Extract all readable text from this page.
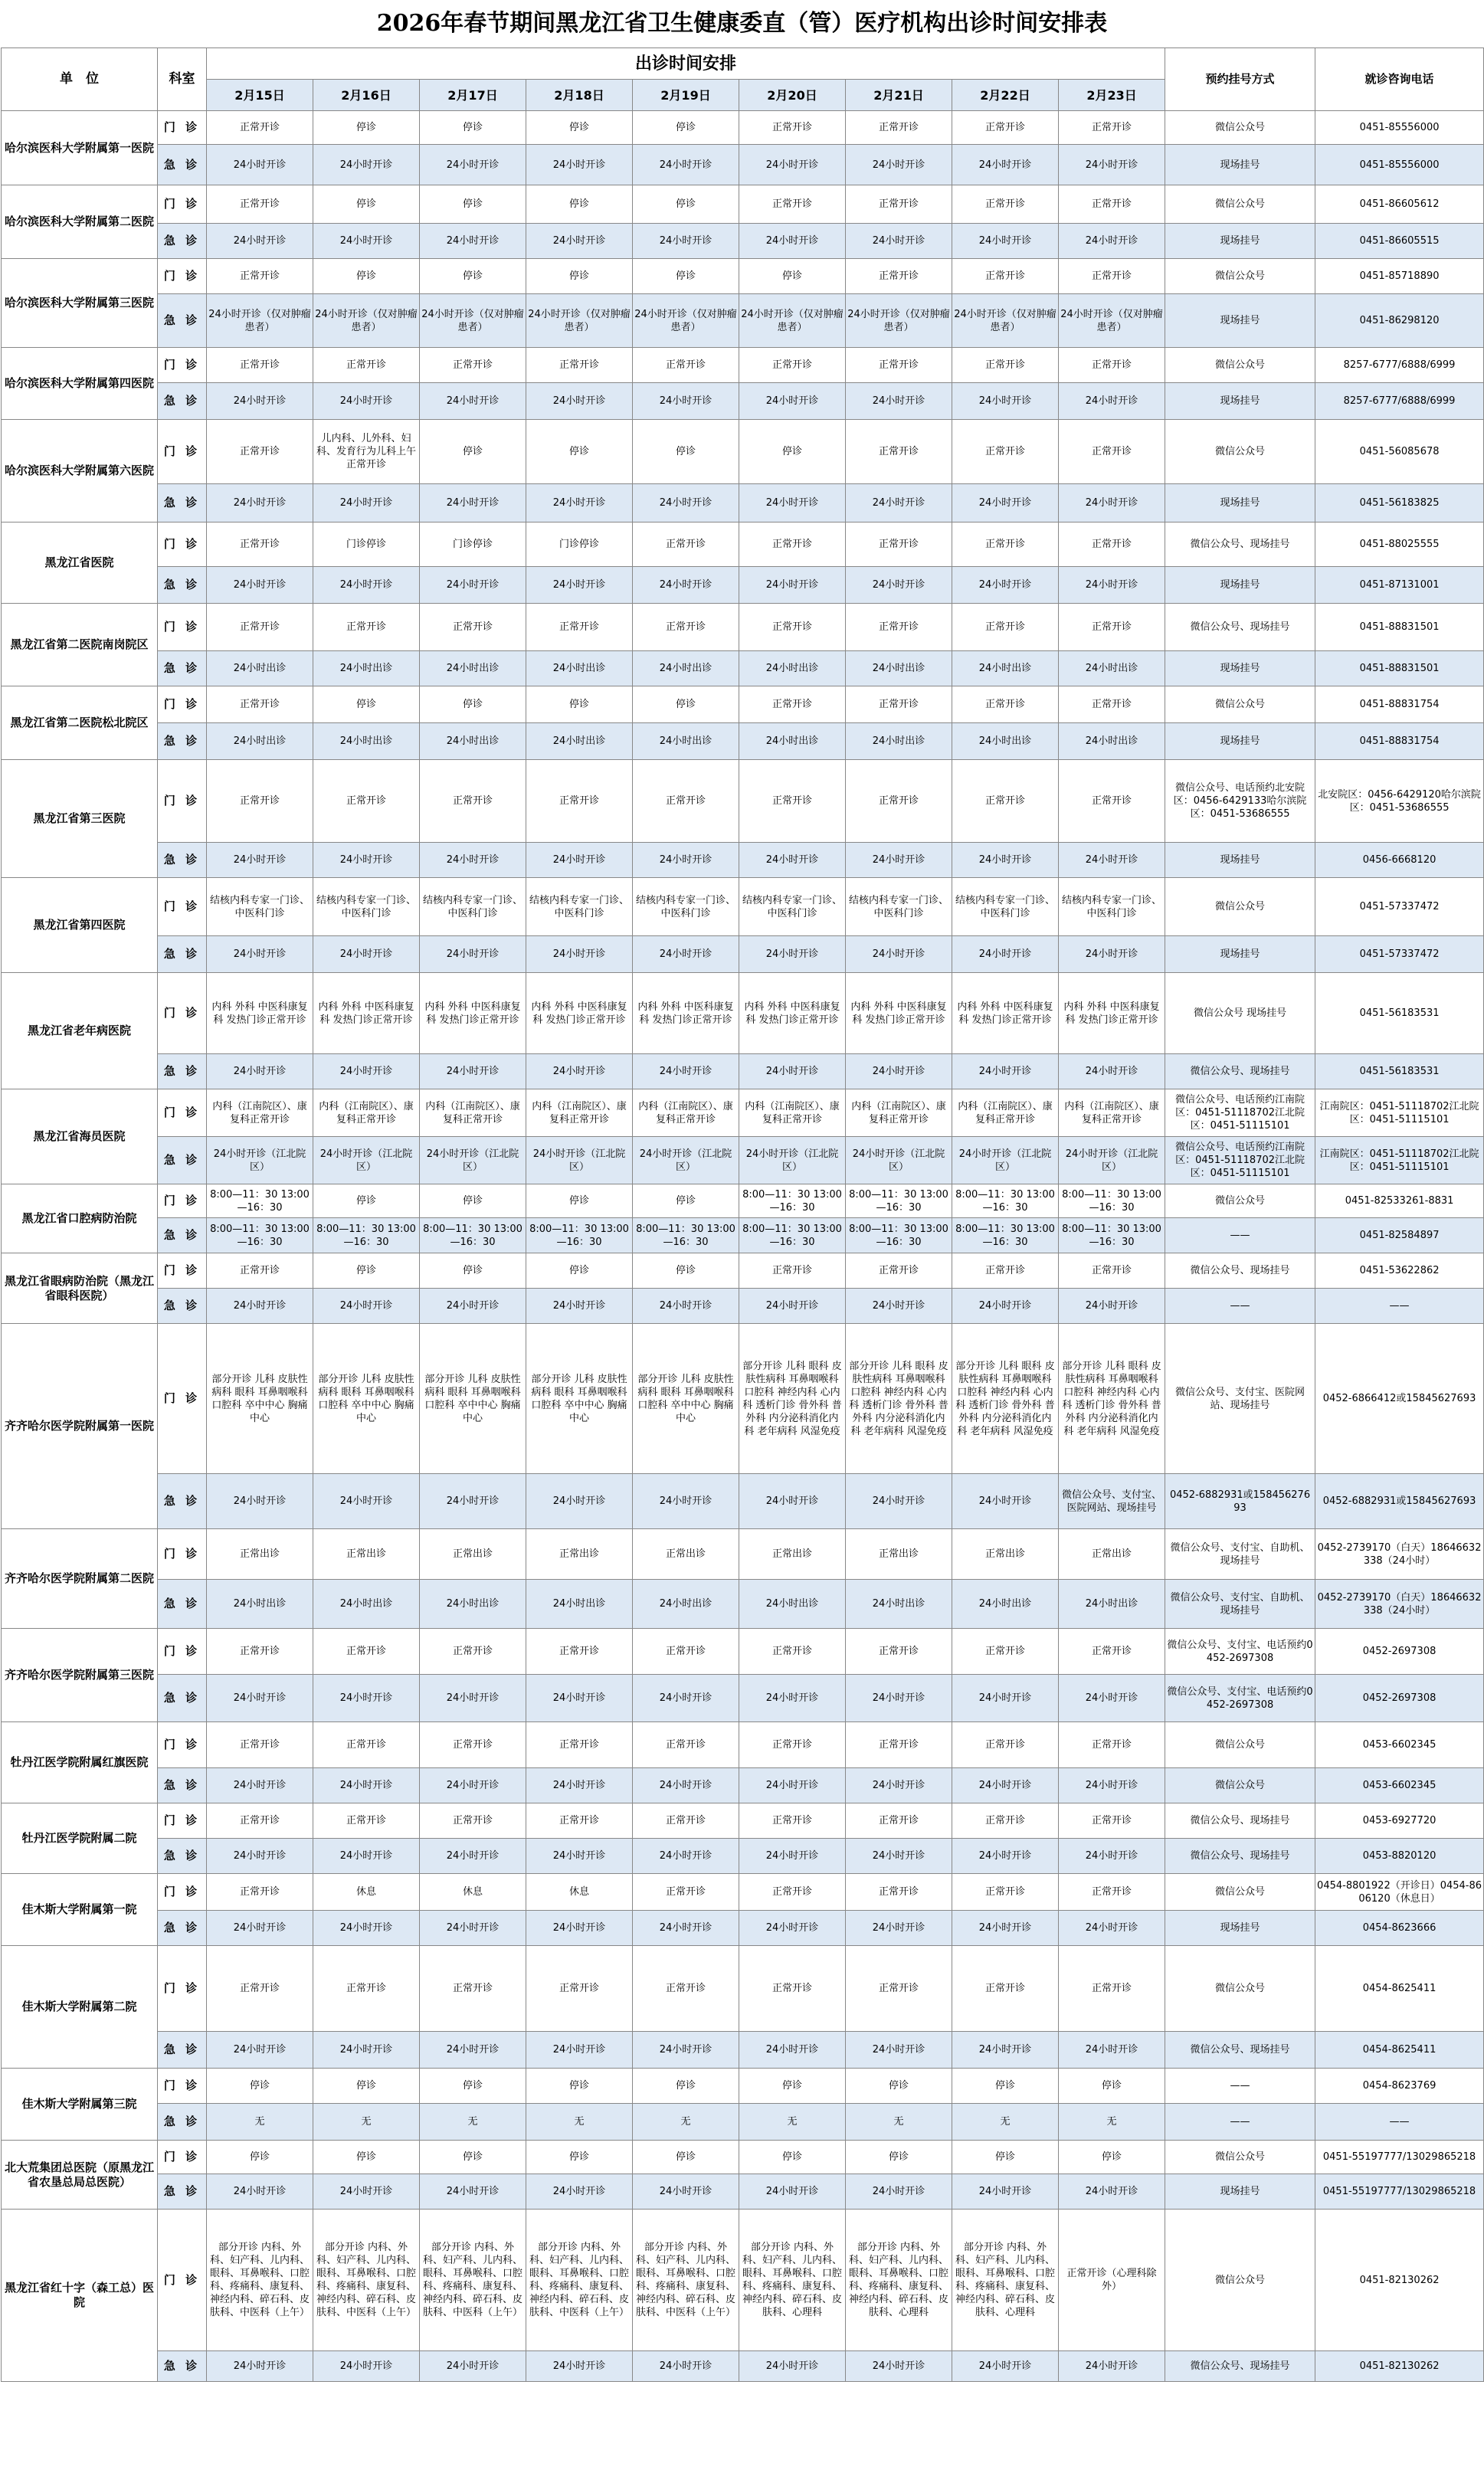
2026年春节期间黑龙江省卫生健康委直（管）医疗机构出诊时间安排表
单　位	科室	出诊时间安排									预约挂号方式	就诊咨询电话
		2月15日	2月16日	2月17日	2月18日	2月19日	2月20日	2月21日	2月22日	2月23日		
哈尔滨医科大学附属第一医院	门 诊	正常开诊	停诊	停诊	停诊	停诊	正常开诊	正常开诊	正常开诊	正常开诊	微信公众号	0451-85556000
	急 诊	24小时开诊	24小时开诊	24小时开诊	24小时开诊	24小时开诊	24小时开诊	24小时开诊	24小时开诊	24小时开诊	现场挂号	0451-85556000
哈尔滨医科大学附属第二医院	门 诊	正常开诊	停诊	停诊	停诊	停诊	正常开诊	正常开诊	正常开诊	正常开诊	微信公众号	0451-86605612
	急 诊	24小时开诊	24小时开诊	24小时开诊	24小时开诊	24小时开诊	24小时开诊	24小时开诊	24小时开诊	24小时开诊	现场挂号	0451-86605515
哈尔滨医科大学附属第三医院	门 诊	正常开诊	停诊	停诊	停诊	停诊	停诊	正常开诊	正常开诊	正常开诊	微信公众号	0451-85718890
	急 诊	24小时开诊（仅对肿瘤患者）	24小时开诊（仅对肿瘤患者）	24小时开诊（仅对肿瘤患者）	24小时开诊（仅对肿瘤患者）	24小时开诊（仅对肿瘤患者）	24小时开诊（仅对肿瘤患者）	24小时开诊（仅对肿瘤患者）	24小时开诊（仅对肿瘤患者）	24小时开诊（仅对肿瘤患者）	现场挂号	0451-86298120
哈尔滨医科大学附属第四医院	门 诊	正常开诊	正常开诊	正常开诊	正常开诊	正常开诊	正常开诊	正常开诊	正常开诊	正常开诊	微信公众号	8257-6777/6888/6999
	急 诊	24小时开诊	24小时开诊	24小时开诊	24小时开诊	24小时开诊	24小时开诊	24小时开诊	24小时开诊	24小时开诊	现场挂号	8257-6777/6888/6999
哈尔滨医科大学附属第六医院	门 诊	正常开诊	儿内科、儿外科、妇科、发育行为儿科上午正常开诊	停诊	停诊	停诊	停诊	正常开诊	正常开诊	正常开诊	微信公众号	0451-56085678
	急 诊	24小时开诊	24小时开诊	24小时开诊	24小时开诊	24小时开诊	24小时开诊	24小时开诊	24小时开诊	24小时开诊	现场挂号	0451-56183825
黑龙江省医院	门 诊	正常开诊	门诊停诊	门诊停诊	门诊停诊	正常开诊	正常开诊	正常开诊	正常开诊	正常开诊	微信公众号、现场挂号	0451-88025555
	急 诊	24小时开诊	24小时开诊	24小时开诊	24小时开诊	24小时开诊	24小时开诊	24小时开诊	24小时开诊	24小时开诊	现场挂号	0451-87131001
黑龙江省第二医院南岗院区	门 诊	正常开诊	正常开诊	正常开诊	正常开诊	正常开诊	正常开诊	正常开诊	正常开诊	正常开诊	微信公众号、现场挂号	0451-88831501
	急 诊	24小时出诊	24小时出诊	24小时出诊	24小时出诊	24小时出诊	24小时出诊	24小时出诊	24小时出诊	24小时出诊	现场挂号	0451-88831501
黑龙江省第二医院松北院区	门 诊	正常开诊	停诊	停诊	停诊	停诊	正常开诊	正常开诊	正常开诊	正常开诊	微信公众号	0451-88831754
	急 诊	24小时出诊	24小时出诊	24小时出诊	24小时出诊	24小时出诊	24小时出诊	24小时出诊	24小时出诊	24小时出诊	现场挂号	0451-88831754
黑龙江省第三医院	门 诊	正常开诊	正常开诊	正常开诊	正常开诊	正常开诊	正常开诊	正常开诊	正常开诊	正常开诊	微信公众号、电话预约北安院区：0456-6429133哈尔滨院区：0451-53686555	北安院区：0456-6429120哈尔滨院区：0451-53686555
	急 诊	24小时开诊	24小时开诊	24小时开诊	24小时开诊	24小时开诊	24小时开诊	24小时开诊	24小时开诊	24小时开诊	现场挂号	0456-6668120
黑龙江省第四医院	门 诊	结核内科专家一门诊、中医科门诊	结核内科专家一门诊、中医科门诊	结核内科专家一门诊、中医科门诊	结核内科专家一门诊、中医科门诊	结核内科专家一门诊、中医科门诊	结核内科专家一门诊、中医科门诊	结核内科专家一门诊、中医科门诊	结核内科专家一门诊、中医科门诊	结核内科专家一门诊、中医科门诊	微信公众号	0451-57337472
	急 诊	24小时开诊	24小时开诊	24小时开诊	24小时开诊	24小时开诊	24小时开诊	24小时开诊	24小时开诊	24小时开诊	现场挂号	0451-57337472
黑龙江省老年病医院	门 诊	内科 外科 中医科康复科 发热门诊正常开诊	内科 外科 中医科康复科 发热门诊正常开诊	内科 外科 中医科康复科 发热门诊正常开诊	内科 外科 中医科康复科 发热门诊正常开诊	内科 外科 中医科康复科 发热门诊正常开诊	内科 外科 中医科康复科 发热门诊正常开诊	内科 外科 中医科康复科 发热门诊正常开诊	内科 外科 中医科康复科 发热门诊正常开诊	内科 外科 中医科康复科 发热门诊正常开诊	微信公众号 现场挂号	0451-56183531
	急 诊	24小时开诊	24小时开诊	24小时开诊	24小时开诊	24小时开诊	24小时开诊	24小时开诊	24小时开诊	24小时开诊	微信公众号、现场挂号	0451-56183531
黑龙江省海员医院	门 诊	内科（江南院区）、康复科正常开诊	内科（江南院区）、康复科正常开诊	内科（江南院区）、康复科正常开诊	内科（江南院区）、康复科正常开诊	内科（江南院区）、康复科正常开诊	内科（江南院区）、康复科正常开诊	内科（江南院区）、康复科正常开诊	内科（江南院区）、康复科正常开诊	内科（江南院区）、康复科正常开诊	微信公众号、电话预约江南院区：0451-51118702江北院区：0451-51115101	江南院区：0451-51118702江北院区：0451-51115101
	急 诊	24小时开诊（江北院区）	24小时开诊（江北院区）	24小时开诊（江北院区）	24小时开诊（江北院区）	24小时开诊（江北院区）	24小时开诊（江北院区）	24小时开诊（江北院区）	24小时开诊（江北院区）	24小时开诊（江北院区）	微信公众号、电话预约江南院区：0451-51118702江北院区：0451-51115101	江南院区：0451-51118702江北院区：0451-51115101
黑龙江省口腔病防治院	门 诊	8:00—11：30 13:00—16：30	停诊	停诊	停诊	停诊	8:00—11：30 13:00—16：30	8:00—11：30 13:00—16：30	8:00—11：30 13:00—16：30	8:00—11：30 13:00—16：30	微信公众号	0451-82533261-8831
	急 诊	8:00—11：30 13:00—16：30	8:00—11：30 13:00—16：30	8:00—11：30 13:00—16：30	8:00—11：30 13:00—16：30	8:00—11：30 13:00—16：30	8:00—11：30 13:00—16：30	8:00—11：30 13:00—16：30	8:00—11：30 13:00—16：30	8:00—11：30 13:00—16：30	——	0451-82584897
黑龙江省眼病防治院（黑龙江省眼科医院）	门 诊	正常开诊	停诊	停诊	停诊	停诊	正常开诊	正常开诊	正常开诊	正常开诊	微信公众号、现场挂号	0451-53622862
	急 诊	24小时开诊	24小时开诊	24小时开诊	24小时开诊	24小时开诊	24小时开诊	24小时开诊	24小时开诊	24小时开诊	——	——
齐齐哈尔医学院附属第一医院	门 诊	部分开诊 儿科 皮肤性病科 眼科 耳鼻咽喉科 口腔科 卒中中心 胸痛中心	部分开诊 儿科 皮肤性病科 眼科 耳鼻咽喉科 口腔科 卒中中心 胸痛中心	部分开诊 儿科 皮肤性病科 眼科 耳鼻咽喉科 口腔科 卒中中心 胸痛中心	部分开诊 儿科 皮肤性病科 眼科 耳鼻咽喉科 口腔科 卒中中心 胸痛中心	部分开诊 儿科 皮肤性病科 眼科 耳鼻咽喉科 口腔科 卒中中心 胸痛中心	部分开诊 儿科 眼科 皮肤性病科 耳鼻咽喉科 口腔科 神经内科 心内科 透析门诊 骨外科 普外科 内分泌科消化内科 老年病科 风湿免疫	部分开诊 儿科 眼科 皮肤性病科 耳鼻咽喉科 口腔科 神经内科 心内科 透析门诊 骨外科 普外科 内分泌科消化内科 老年病科 风湿免疫	部分开诊 儿科 眼科 皮肤性病科 耳鼻咽喉科 口腔科 神经内科 心内科 透析门诊 骨外科 普外科 内分泌科消化内科 老年病科 风湿免疫	部分开诊 儿科 眼科 皮肤性病科 耳鼻咽喉科 口腔科 神经内科 心内科 透析门诊 骨外科 普外科 内分泌科消化内科 老年病科 风湿免疫	微信公众号、支付宝、医院网站、现场挂号	0452-6866412或15845627693
	急 诊	24小时开诊	24小时开诊	24小时开诊	24小时开诊	24小时开诊	24小时开诊	24小时开诊	24小时开诊	微信公众号、支付宝、医院网站、现场挂号	0452-6882931或15845627693	0452-6882931或15845627693
齐齐哈尔医学院附属第二医院	门 诊	正常出诊	正常出诊	正常出诊	正常出诊	正常出诊	正常出诊	正常出诊	正常出诊	正常出诊	微信公众号、支付宝、自助机、现场挂号	0452-2739170（白天）18646632338（24小时）
	急 诊	24小时出诊	24小时出诊	24小时出诊	24小时出诊	24小时出诊	24小时出诊	24小时出诊	24小时出诊	24小时出诊	微信公众号、支付宝、自助机、现场挂号	0452-2739170（白天）18646632338（24小时）
齐齐哈尔医学院附属第三医院	门 诊	正常开诊	正常开诊	正常开诊	正常开诊	正常开诊	正常开诊	正常开诊	正常开诊	正常开诊	微信公众号、支付宝、电话预约0452-2697308	0452-2697308
	急 诊	24小时开诊	24小时开诊	24小时开诊	24小时开诊	24小时开诊	24小时开诊	24小时开诊	24小时开诊	24小时开诊	微信公众号、支付宝、电话预约0452-2697308	0452-2697308
牡丹江医学院附属红旗医院	门 诊	正常开诊	正常开诊	正常开诊	正常开诊	正常开诊	正常开诊	正常开诊	正常开诊	正常开诊	微信公众号	0453-6602345
	急 诊	24小时开诊	24小时开诊	24小时开诊	24小时开诊	24小时开诊	24小时开诊	24小时开诊	24小时开诊	24小时开诊	微信公众号	0453-6602345
牡丹江医学院附属二院	门 诊	正常开诊	正常开诊	正常开诊	正常开诊	正常开诊	正常开诊	正常开诊	正常开诊	正常开诊	微信公众号、现场挂号	0453-6927720
	急 诊	24小时开诊	24小时开诊	24小时开诊	24小时开诊	24小时开诊	24小时开诊	24小时开诊	24小时开诊	24小时开诊	微信公众号、现场挂号	0453-8820120
佳木斯大学附属第一院	门 诊	正常开诊	休息	休息	休息	正常开诊	正常开诊	正常开诊	正常开诊	正常开诊	微信公众号	0454-8801922（开诊日）0454-8606120（休息日）
	急 诊	24小时开诊	24小时开诊	24小时开诊	24小时开诊	24小时开诊	24小时开诊	24小时开诊	24小时开诊	24小时开诊	现场挂号	0454-8623666
佳木斯大学附属第二院	门 诊	正常开诊	正常开诊	正常开诊	正常开诊	正常开诊	正常开诊	正常开诊	正常开诊	正常开诊	微信公众号	0454-8625411
	急 诊	24小时开诊	24小时开诊	24小时开诊	24小时开诊	24小时开诊	24小时开诊	24小时开诊	24小时开诊	24小时开诊	微信公众号、现场挂号	0454-8625411
佳木斯大学附属第三院	门 诊	停诊	停诊	停诊	停诊	停诊	停诊	停诊	停诊	停诊	——	0454-8623769
	急 诊	无	无	无	无	无	无	无	无	无	——	——
北大荒集团总医院（原黑龙江省农垦总局总医院）	门 诊	停诊	停诊	停诊	停诊	停诊	停诊	停诊	停诊	停诊	微信公众号	0451-55197777/13029865218
	急 诊	24小时开诊	24小时开诊	24小时开诊	24小时开诊	24小时开诊	24小时开诊	24小时开诊	24小时开诊	24小时开诊	现场挂号	0451-55197777/13029865218
黑龙江省红十字（森工总）医院	门 诊	部分开诊 内科、外科、妇产科、儿内科、眼科、耳鼻喉科、口腔科、疼痛科、康复科、神经内科、碎石科、皮肤科、中医科（上午）	部分开诊 内科、外科、妇产科、儿内科、眼科、耳鼻喉科、口腔科、疼痛科、康复科、神经内科、碎石科、皮肤科、中医科（上午）	部分开诊 内科、外科、妇产科、儿内科、眼科、耳鼻喉科、口腔科、疼痛科、康复科、神经内科、碎石科、皮肤科、中医科（上午）	部分开诊 内科、外科、妇产科、儿内科、眼科、耳鼻喉科、口腔科、疼痛科、康复科、神经内科、碎石科、皮肤科、中医科（上午）	部分开诊 内科、外科、妇产科、儿内科、眼科、耳鼻喉科、口腔科、疼痛科、康复科、神经内科、碎石科、皮肤科、中医科（上午）	部分开诊 内科、外科、妇产科、儿内科、眼科、耳鼻喉科、口腔科、疼痛科、康复科、神经内科、碎石科、皮肤科、心理科	部分开诊 内科、外科、妇产科、儿内科、眼科、耳鼻喉科、口腔科、疼痛科、康复科、神经内科、碎石科、皮肤科、心理科	部分开诊 内科、外科、妇产科、儿内科、眼科、耳鼻喉科、口腔科、疼痛科、康复科、神经内科、碎石科、皮肤科、心理科	正常开诊（心理科除外）	微信公众号	0451-82130262
	急 诊	24小时开诊	24小时开诊	24小时开诊	24小时开诊	24小时开诊	24小时开诊	24小时开诊	24小时开诊	24小时开诊	微信公众号、现场挂号	0451-82130262
